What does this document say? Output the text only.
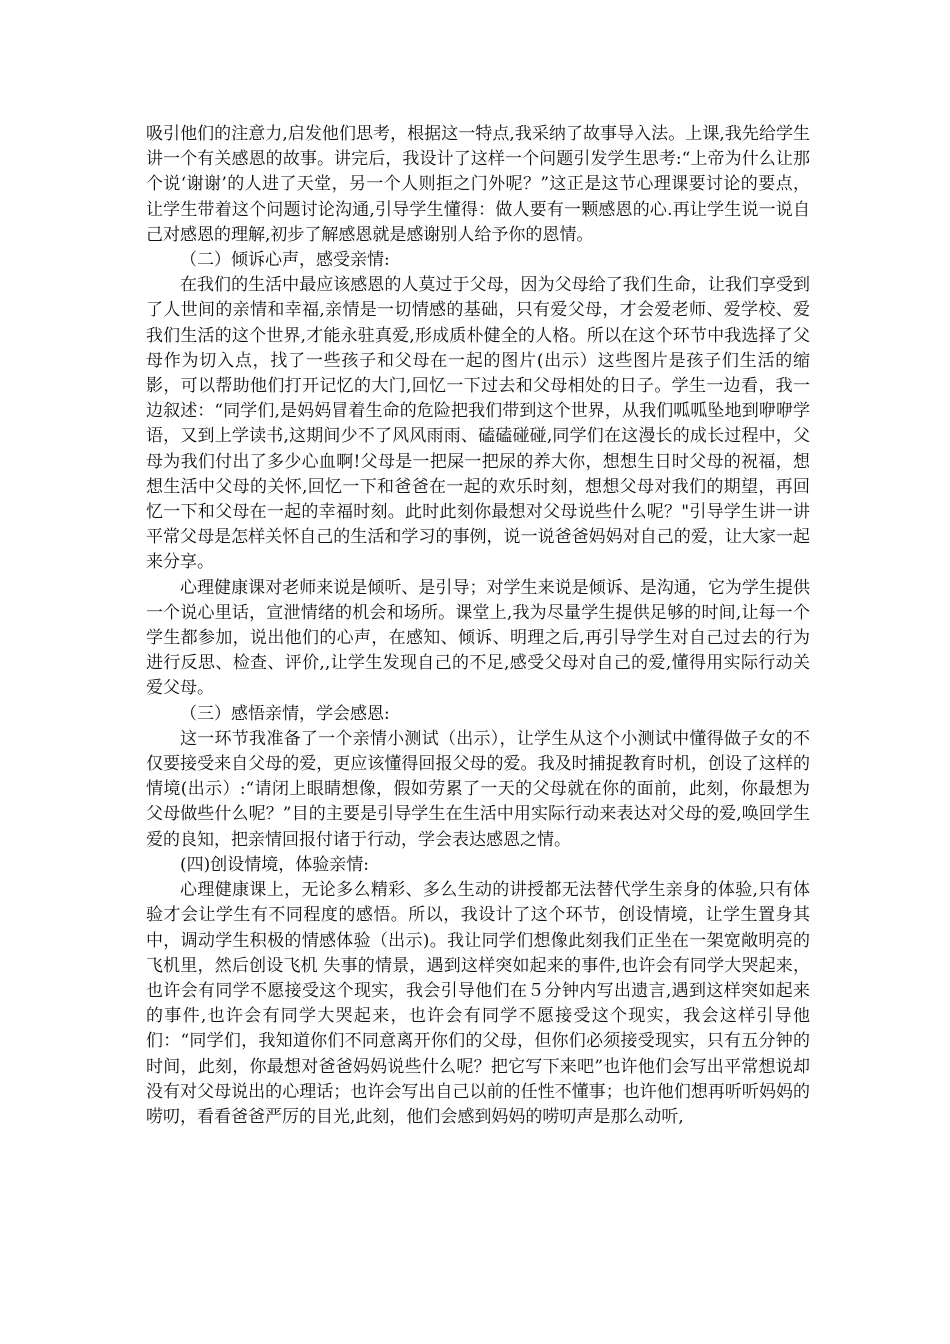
吸引他们的注意力,启发他们思考，根据这一特点,我采纳了故事导入法。上课,我先给学生讲一个有关感恩的故事。讲完后，我设计了这样一个问题引发学生思考:“上帝为什么让那个说‘谢谢’的人进了天堂，另一个人则拒之门外呢？”这正是这节心理课要讨论的要点，让学生带着这个问题讨论沟通,引导学生懂得：做人要有一颗感恩的心.再让学生说一说自己对感恩的理解,初步了解感恩就是感谢别人给予你的恩情。

（二）倾诉心声，感受亲情:

在我们的生活中最应该感恩的人莫过于父母，因为父母给了我们生命，让我们享受到了人世间的亲情和幸福,亲情是一切情感的基础，只有爱父母，才会爱老师、爱学校、爱我们生活的这个世界,才能永驻真爱,形成质朴健全的人格。所以在这个环节中我选择了父母作为切入点，找了一些孩子和父母在一起的图片(出示）这些图片是孩子们生活的缩影，可以帮助他们打开记忆的大门,回忆一下过去和父母相处的日子。学生一边看，我一边叙述：“同学们,是妈妈冒着生命的危险把我们带到这个世界，从我们呱呱坠地到咿咿学语，又到上学读书,这期间少不了风风雨雨、磕磕碰碰,同学们在这漫长的成长过程中，父母为我们付出了多少心血啊!父母是一把屎一把尿的养大你，想想生日时父母的祝福，想想生活中父母的关怀,回忆一下和爸爸在一起的欢乐时刻，想想父母对我们的期望，再回忆一下和父母在一起的幸福时刻。此时此刻你最想对父母说些什么呢？"引导学生讲一讲平常父母是怎样关怀自己的生活和学习的事例，说一说爸爸妈妈对自己的爱，让大家一起来分享。

心理健康课对老师来说是倾听、是引导；对学生来说是倾诉、是沟通，它为学生提供一个说心里话，宣泄情绪的机会和场所。课堂上,我为尽量学生提供足够的时间,让每一个学生都参加，说出他们的心声，在感知、倾诉、明理之后,再引导学生对自己过去的行为进行反思、检查、评价,,让学生发现自己的不足,感受父母对自己的爱,懂得用实际行动关爱父母。

（三）感悟亲情，学会感恩:

这一环节我准备了一个亲情小测试（出示），让学生从这个小测试中懂得做子女的不仅要接受来自父母的爱，更应该懂得回报父母的爱。我及时捕捉教育时机，创设了这样的情境(出示）:“请闭上眼睛想像，假如劳累了一天的父母就在你的面前，此刻，你最想为父母做些什么呢？”目的主要是引导学生在生活中用实际行动来表达对父母的爱,唤回学生爱的良知，把亲情回报付诸于行动，学会表达感恩之情。

(四)创设情境，体验亲情:

心理健康课上，无论多么精彩、多么生动的讲授都无法替代学生亲身的体验,只有体验才会让学生有不同程度的感悟。所以，我设计了这个环节，创设情境，让学生置身其中，调动学生积极的情感体验（出示)。我让同学们想像此刻我们正坐在一架宽敞明亮的飞机里，然后创设飞机 失事的情景，遇到这样突如起来的事件,也许会有同学大哭起来，也许会有同学不愿接受这个现实，我会引导他们在５分钟内写出遗言,遇到这样突如起来的事件,也许会有同学大哭起来，也许会有同学不愿接受这个现实，我会这样引导他们：“同学们，我知道你们不同意离开你们的父母，但你们必须接受现实，只有五分钟的时间，此刻，你最想对爸爸妈妈说些什么呢？把它写下来吧”也许他们会写出平常想说却没有对父母说出的心理话；也许会写出自己以前的任性不懂事；也许他们想再听听妈妈的唠叨，看看爸爸严厉的目光,此刻，他们会感到妈妈的唠叨声是那么动听,
